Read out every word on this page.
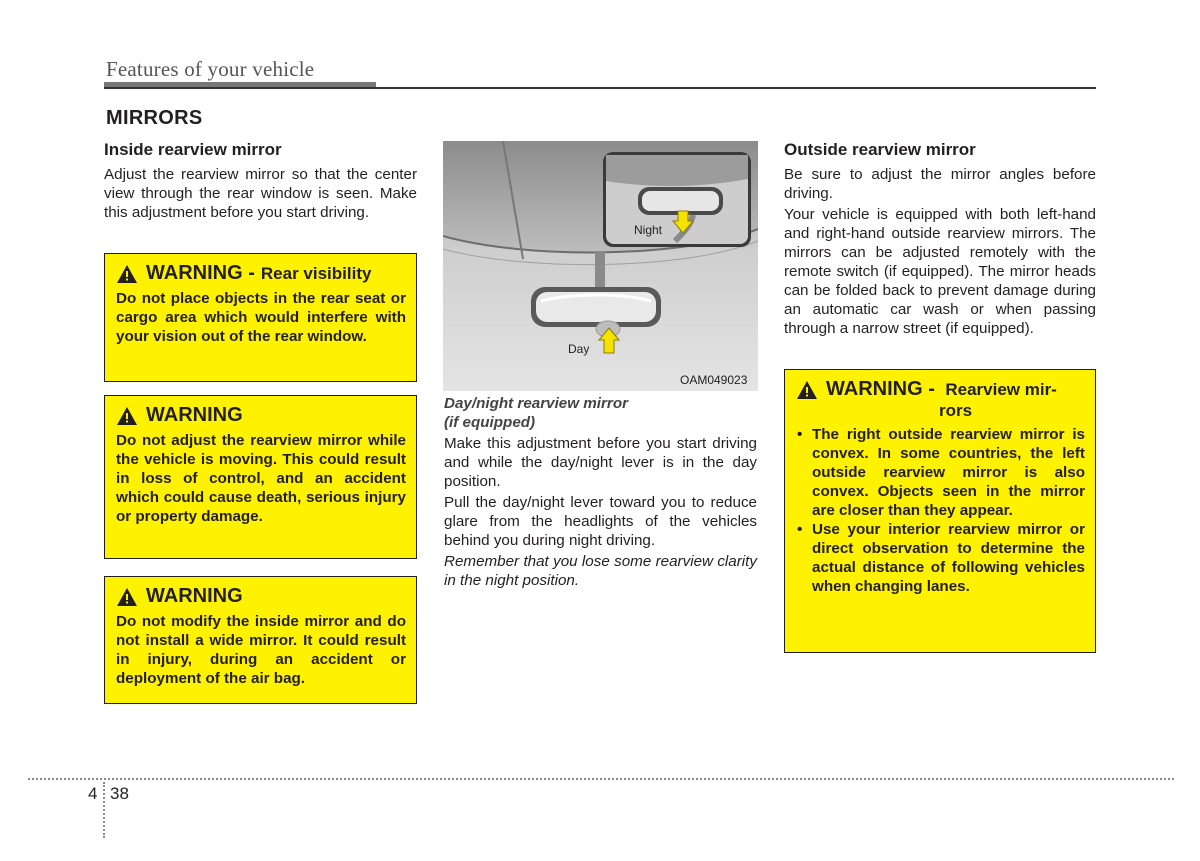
Features of your vehicle
MIRRORS
Inside rearview mirror

Adjust the rearview mirror so that the center view through the rear window is seen. Make this adjustment before you start driving.

WARNING - Rear visibility

Do not place objects in the rear seat or cargo area which would interfere with your vision out of the rear window.

WARNING

Do not adjust the rearview mirror while the vehicle is moving. This could result in loss of control, and an accident which could cause death, serious injury or property damage.

WARNING

Do not modify the inside mirror and do not install a wide mirror. It could result in injury, during an accident or deployment of the air bag.

Day
Night
OAM049023
Day/night rearview mirror
(if equipped)

Make this adjustment before you start driving and while the day/night lever is in the day position.

Pull the day/night lever toward you to reduce glare from the headlights of the vehicles behind you during night driving.

Remember that you lose some rearview clarity in the night position.

Outside rearview mirror

Be sure to adjust the mirror angles before driving.

Your vehicle is equipped with both left-hand and right-hand outside rearview mirrors. The mirrors can be adjusted remotely with the remote switch (if equipped). The mirror heads can be folded back to prevent damage during an automatic car wash or when passing through a narrow street (if equipped).

WARNING - Rearview mir-
rors
• The right outside rearview mirror is convex. In some countries, the left outside rearview mirror is also convex. Objects seen in the mirror are closer than they appear.
• Use your interior rearview mirror or direct observation to determine the actual distance of following vehicles when changing lanes.
4 38
